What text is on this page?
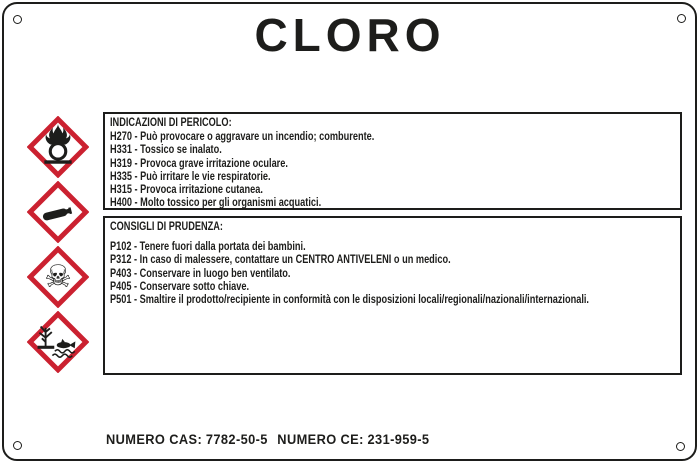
CLORO
☠
INDICAZIONI DI PERICOLO:
H270 - Può provocare o aggravare un incendio; comburente.
H331 - Tossico se inalato.
H319 - Provoca grave irritazione oculare.
H335 - Può irritare le vie respiratorie.
H315 - Provoca irritazione cutanea.
H400 - Molto tossico per gli organismi acquatici.
CONSIGLI DI PRUDENZA:
P102 - Tenere fuori dalla portata dei bambini.
P312 - In caso di malessere, contattare un CENTRO ANTIVELENI o un medico.
P403 - Conservare in luogo ben ventilato.
P405 - Conservare sotto chiave.
P501 - Smaltire il prodotto/recipiente in conformità con le disposizioni locali/regionali/nazionali/internazionali.
NUMERO CAS: 7782-50-5 NUMERO CE: 231-959-5
